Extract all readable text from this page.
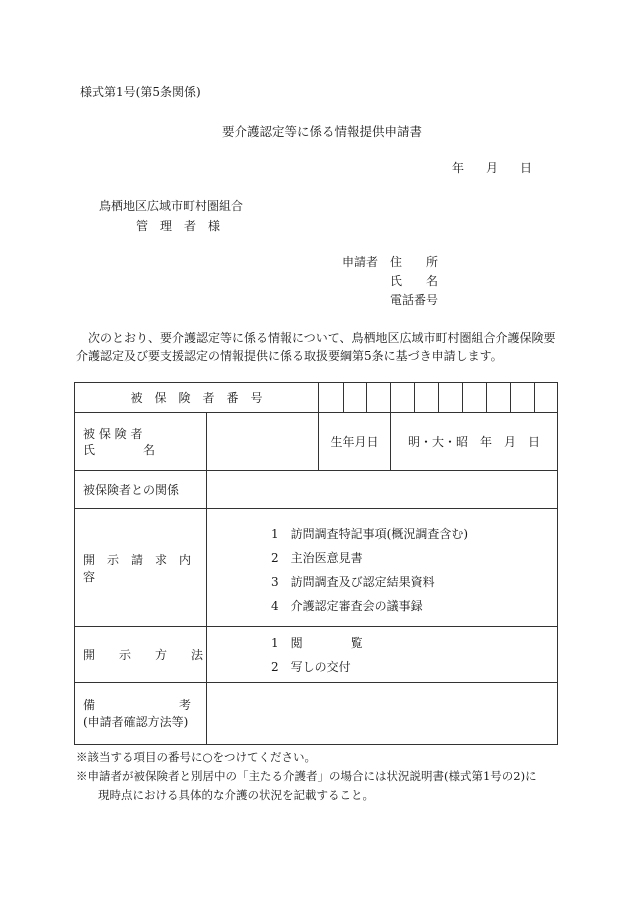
様式第1号(第5条関係)
要介護認定等に係る情報提供申請書
年 月 日
鳥栖地区広域市町村圏組合
管　理　者　様
申請者 住　　所
氏　　名
電話番号
次のとおり、要介護認定等に係る情報について、鳥栖地区広域市町村圏組合介護保険要
介護認定及び要支援認定の情報提供に係る取扱要綱第5条に基づき申請します。
被　保　険　者　番　号											

被 保 険 者
氏　　　　名		生年月日			明・大・昭　年　月　日						
被保険者との関係											
開　示　請　求　内　容	1　訪問調査特記事項(概況調査含む)
2　主治医意見書
3　訪問調査及び認定結果資料
4　介護認定審査会の議事録										

開　　示　　方　　法	1　閲　　　　覧
2　写しの交付										

備　　　　　　　考
(申請者確認方法等)											

※該当する項目の番号に○をつけてください。
※申請者が被保険者と別居中の「主たる介護者」の場合には状況説明書(様式第1号の2)に
現時点における具体的な介護の状況を記載すること。
